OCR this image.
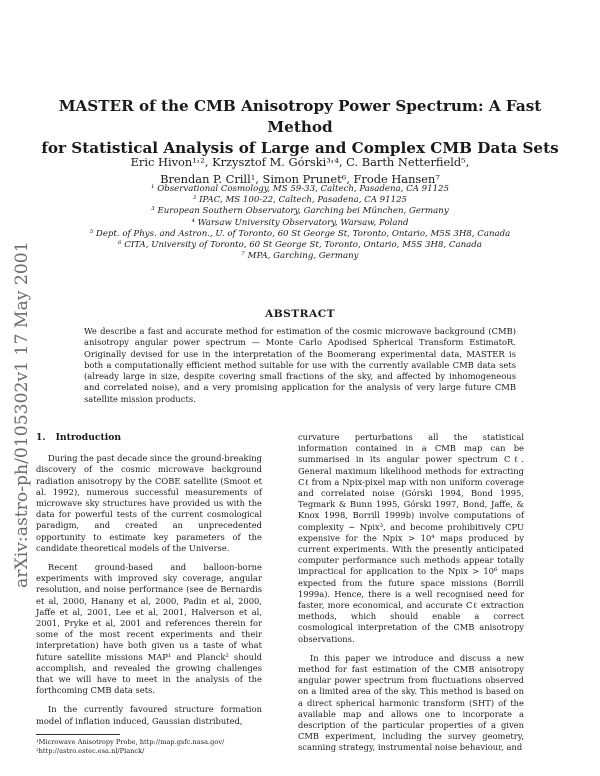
arXiv:astro-ph/0105302v1 17 May 2001
MASTER of the CMB Anisotropy Power Spectrum: A Fast Method
for Statistical Analysis of Large and Complex CMB Data Sets
Eric Hivon¹˒², Krzysztof M. Górski³˒⁴, C. Barth Netterfield⁵,
Brendan P. Crill¹, Simon Prunet⁶, Frode Hansen⁷
¹ Observational Cosmology, MS 59-33, Caltech, Pasadena, CA 91125
² IPAC, MS 100-22, Caltech, Pasadena, CA 91125
³ European Southern Observatory, Garching bei München, Germany
⁴ Warsaw University Observatory, Warsaw, Poland
⁵ Dept. of Phys. and Astron., U. of Toronto, 60 St George St, Toronto, Ontario, M5S 3H8, Canada
⁶ CITA, University of Toronto, 60 St George St, Toronto, Ontario, M5S 3H8, Canada
⁷ MPA, Garching, Germany
ABSTRACT
We describe a fast and accurate method for estimation of the cosmic microwave background (CMB) anisotropy angular power spectrum — Monte Carlo Apodised Spherical Transform EstimatoR. Originally devised for use in the interpretation of the Boomerang experimental data, MASTER is both a computationally efficient method suitable for use with the currently available CMB data sets (already large in size, despite covering small fractions of the sky, and affected by inhomogeneous and correlated noise), and a very promising application for the analysis of very large future CMB satellite mission products.
1. Introduction

During the past decade since the ground-breaking discovery of the cosmic microwave background radiation anisotropy by the COBE satellite (Smoot et al. 1992), numerous successful measurements of microwave sky structures have provided us with the data for powerful tests of the current cosmological paradigm, and created an unprecedented opportunity to estimate key parameters of the candidate theoretical models of the Universe.

Recent ground-based and balloon-borne experiments with improved sky coverage, angular resolution, and noise performance (see de Bernardis et al, 2000, Hanany et al, 2000, Padin et al, 2000, Jaffe et al, 2001, Lee et al, 2001, Halverson et al, 2001, Pryke et al, 2001 and references therein for some of the most recent experiments and their interpretation) have both given us a taste of what future satellite missions MAP¹ and Planck² should accomplish, and revealed the growing challenges that we will have to meet in the analysis of the forthcoming CMB data sets.

In the currently favoured structure formation model of inflation induced, Gaussian distributed,

curvature perturbations all the statistical information contained in a CMB map can be summarised in its angular power spectrum Cℓ. General maximum likelihood methods for extracting Cℓ from a Npix-pixel map with non uniform coverage and correlated noise (Górski 1994, Bond 1995, Tegmark & Bunn 1995, Górski 1997, Bond, Jaffe, & Knox 1998, Borrill 1999b) involve computations of complexity ∼ Npix³, and become prohibitively CPU expensive for the Npix > 10⁴ maps produced by current experiments. With the presently anticipated computer performance such methods appear totally impractical for application to the Npix > 10⁶ maps expected from the future space missions (Borrill 1999a). Hence, there is a well recognised need for faster, more economical, and accurate Cℓ extraction methods, which should enable a correct cosmological interpretation of the CMB anisotropy observations.

In this paper we introduce and discuss a new method for fast estimation of the CMB anisotropy angular power spectrum from fluctuations observed on a limited area of the sky. This method is based on a direct spherical harmonic transform (SHT) of the available map and allows one to incorporate a description of the particular properties of a given CMB experiment, including the survey geometry, scanning strategy, instrumental noise behaviour, and

¹Microwave Anisotropy Probe, http://map.gsfc.nasa.gov/
²http://astro.estec.esa.nl/Planck/
